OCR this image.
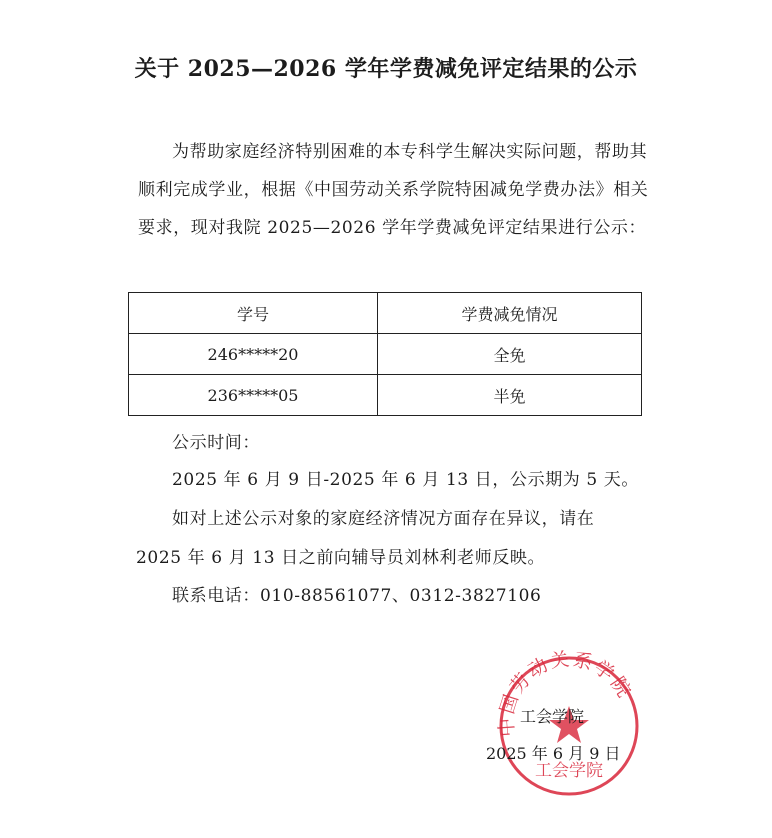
关于 2025—2026 学年学费减免评定结果的公示
为帮助家庭经济特别困难的本专科学生解决实际问题，帮助其顺利完成学业，根据《中国劳动关系学院特困减免学费办法》相关要求，现对我院 2025—2026 学年学费减免评定结果进行公示：
学号	学费减免情况
246*****20	全免
236*****05	半免
公示时间：
2025 年 6 月 9 日-2025 年 6 月 13 日，公示期为 5 天。
如对上述公示对象的家庭经济情况方面存在异议，请在
2025 年 6 月 13 日之前向辅导员刘林利老师反映。
联系电话：010-88561077、0312-3827106
中国劳动关系学院
工会学院
工会学院
2025 年 6 月 9 日
